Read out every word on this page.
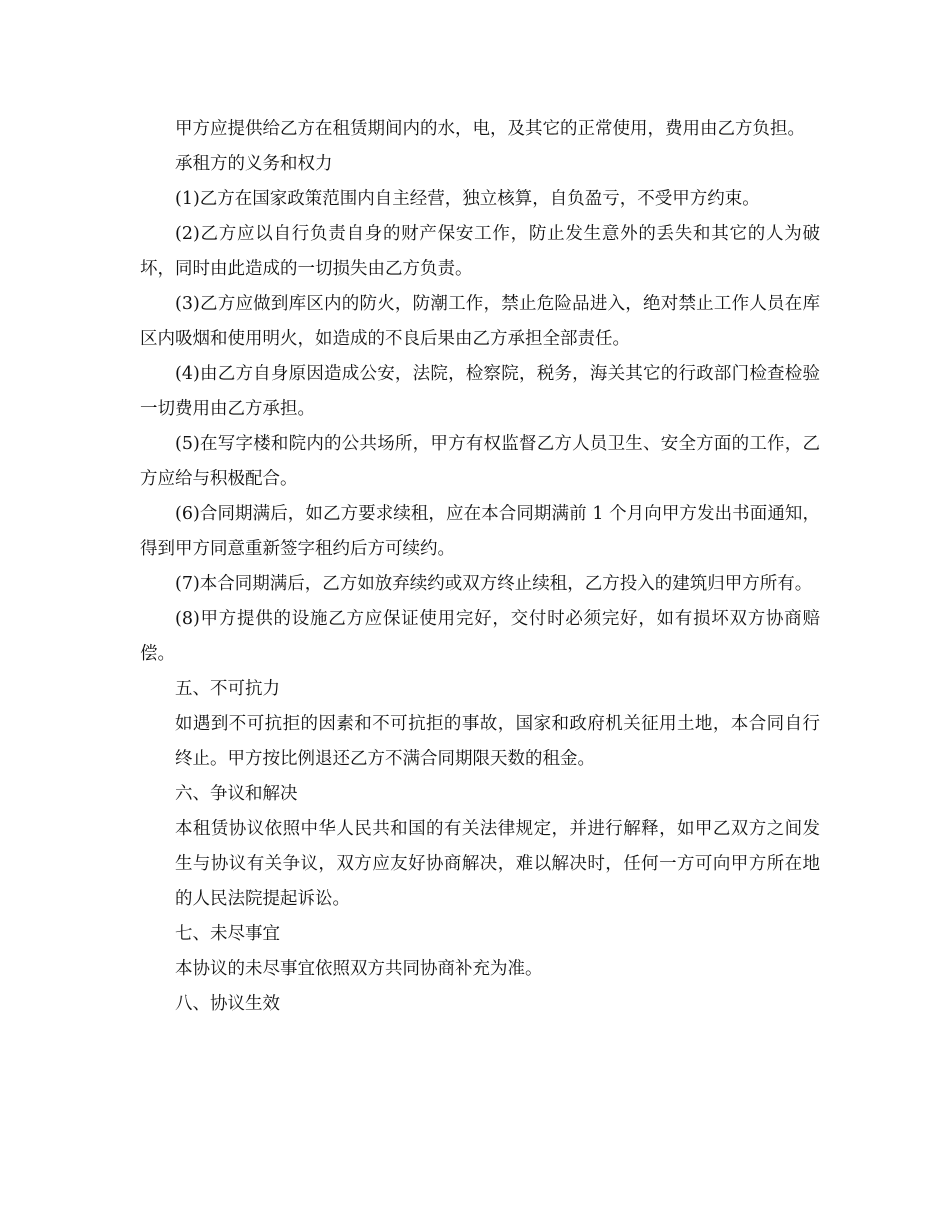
甲方应提供给乙方在租赁期间内的水，电，及其它的正常使用，费用由乙方负担。

承租方的义务和权力

(1)乙方在国家政策范围内自主经营，独立核算，自负盈亏，不受甲方约束。

(2)乙方应以自行负责自身的财产保安工作，防止发生意外的丢失和其它的人为破坏，同时由此造成的一切损失由乙方负责。

(3)乙方应做到库区内的防火，防潮工作，禁止危险品进入，绝对禁止工作人员在库区内吸烟和使用明火，如造成的不良后果由乙方承担全部责任。

(4)由乙方自身原因造成公安，法院，检察院，税务，海关其它的行政部门检查检验一切费用由乙方承担。

(5)在写字楼和院内的公共场所，甲方有权监督乙方人员卫生、安全方面的工作，乙方应给与积极配合。

(6)合同期满后，如乙方要求续租，应在本合同期满前 1 个月向甲方发出书面通知，得到甲方同意重新签字租约后方可续约。

(7)本合同期满后，乙方如放弃续约或双方终止续租，乙方投入的建筑归甲方所有。

(8)甲方提供的设施乙方应保证使用完好，交付时必须完好，如有损坏双方协商赔偿。

五、不可抗力

如遇到不可抗拒的因素和不可抗拒的事故，国家和政府机关征用土地，本合同自行终止。甲方按比例退还乙方不满合同期限天数的租金。

六、争议和解决

本租赁协议依照中华人民共和国的有关法律规定，并进行解释，如甲乙双方之间发生与协议有关争议，双方应友好协商解决，难以解决时，任何一方可向甲方所在地的人民法院提起诉讼。

七、未尽事宜

本协议的未尽事宜依照双方共同协商补充为准。

八、协议生效
